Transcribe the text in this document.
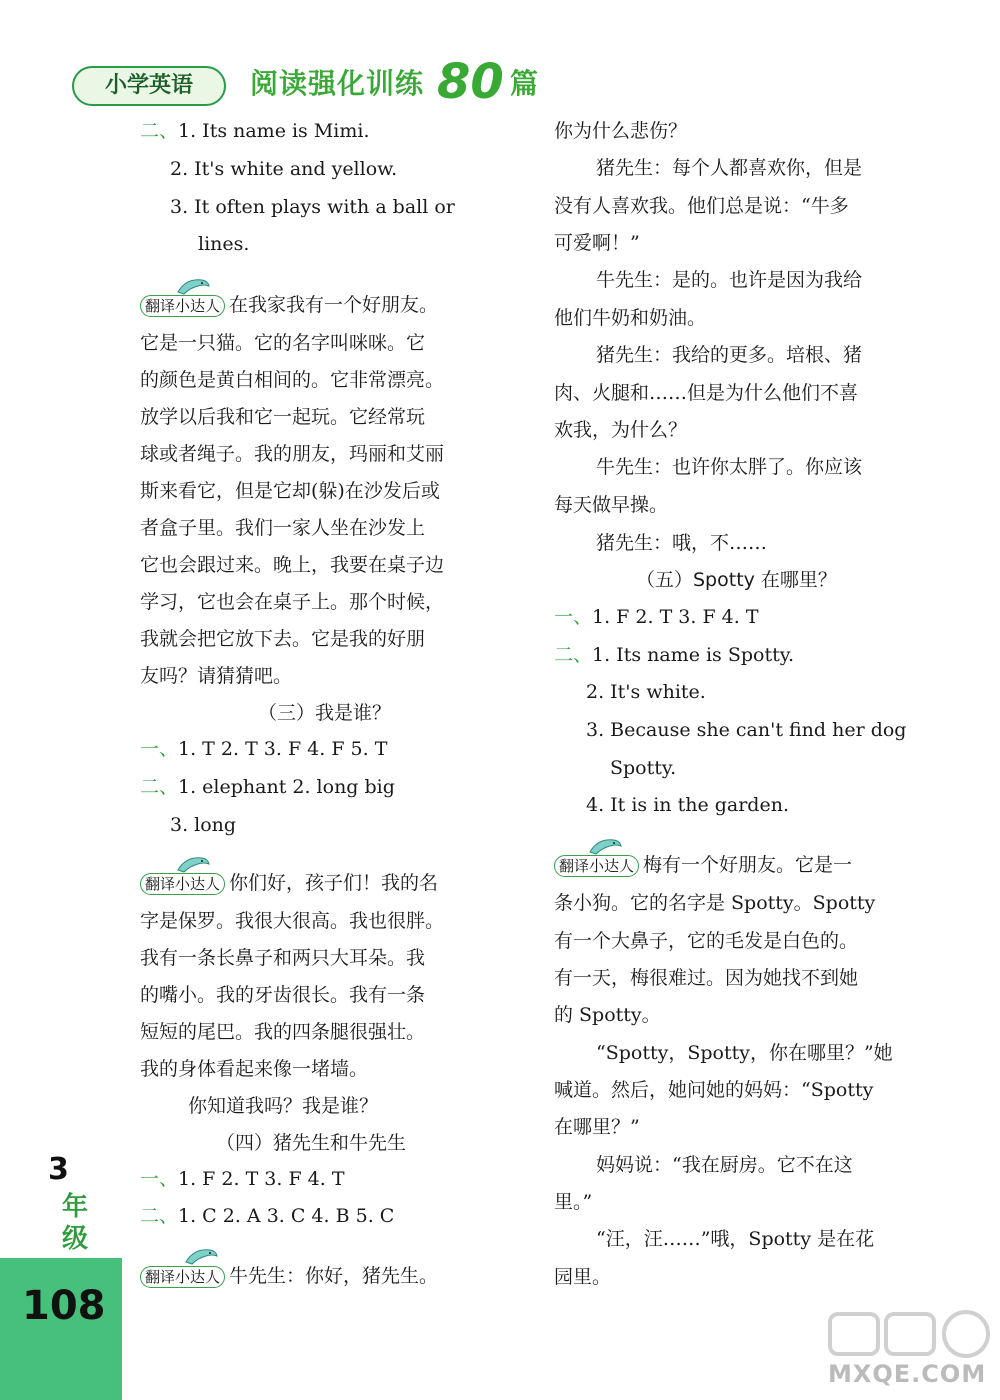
小学英语	阅读强化训练 80 篇
二、1. Its name is Mimi.
2. It's white and yellow.
3. It often plays with a ball or
lines.
翻译小达人 在我家我有一个好朋友。
它是一只猫。它的名字叫咪咪。它
的颜色是黄白相间的。它非常漂亮。
放学以后我和它一起玩。它经常玩
球或者绳子。我的朋友，玛丽和艾丽
斯来看它，但是它却(躲)在沙发后或
者盒子里。我们一家人坐在沙发上
它也会跟过来。晚上，我要在桌子边
学习，它也会在桌子上。那个时候，
我就会把它放下去。它是我的好朋
友吗？请猜猜吧。
（三）我是谁？
一、1. T 2. T 3. F 4. F 5. T
二、1. elephant 2. long big
3. long
翻译小达人 你们好，孩子们！我的名
字是保罗。我很大很高。我也很胖。
我有一条长鼻子和两只大耳朵。我
的嘴小。我的牙齿很长。我有一条
短短的尾巴。我的四条腿很强壮。
我的身体看起来像一堵墙。
你知道我吗？我是谁？
（四）猪先生和牛先生
一、1. F 2. T 3. F 4. T
二、1. C 2. A 3. C 4. B 5. C
翻译小达人 牛先生：你好，猪先生。
你为什么悲伤？
猪先生：每个人都喜欢你，但是
没有人喜欢我。他们总是说：“牛多
可爱啊！”
牛先生：是的。也许是因为我给
他们牛奶和奶油。
猪先生：我给的更多。培根、猪
肉、火腿和……但是为什么他们不喜
欢我，为什么？
牛先生：也许你太胖了。你应该
每天做早操。
猪先生：哦，不……
（五）Spotty 在哪里？
一、1. F 2. T 3. F 4. T
二、1. Its name is Spotty.
2. It's white.
3. Because she can't find her dog
Spotty.
4. It is in the garden.
翻译小达人 梅有一个好朋友。它是一
条小狗。它的名字是 Spotty。Spotty
有一个大鼻子，它的毛发是白色的。
有一天，梅很难过。因为她找不到她
的 Spotty。
“Spotty，Spotty，你在哪里？”她
喊道。然后，她问她的妈妈：“Spotty
在哪里？”
妈妈说：“我在厨房。它不在这
里。”
“汪，汪……”哦，Spotty 是在花
园里。
3
年
级
108
MXQE.COM
